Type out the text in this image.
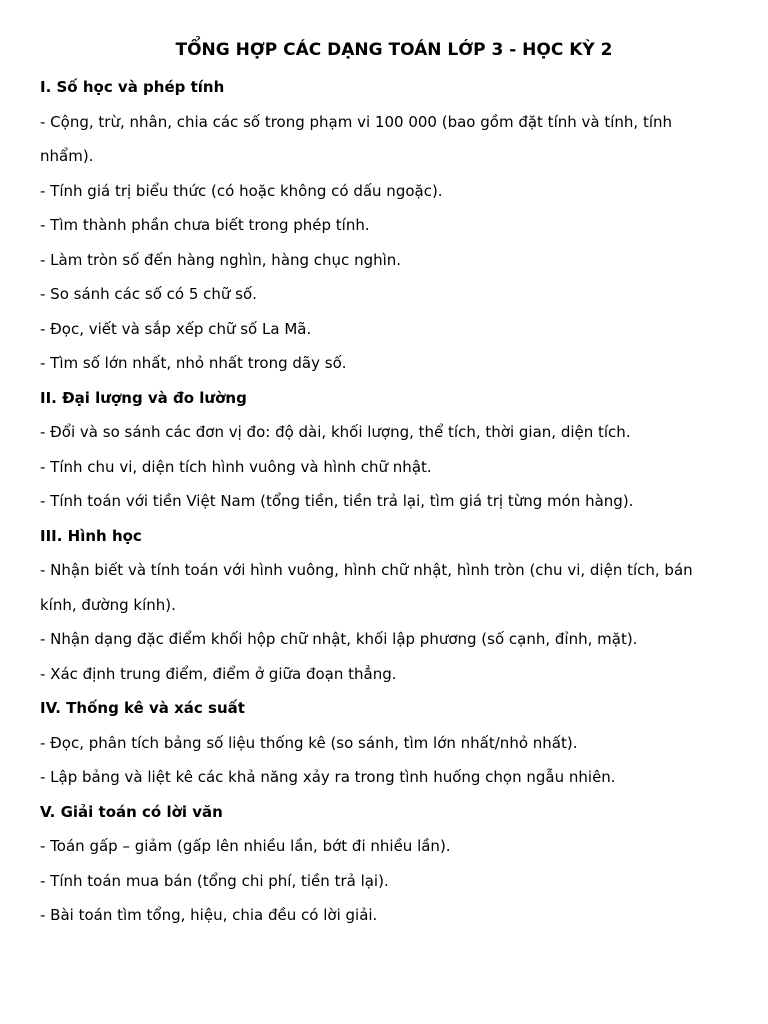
TỔNG HỢP CÁC DẠNG TOÁN LỚP 3 - HỌC KỲ 2

I. Số học và phép tính

- Cộng, trừ, nhân, chia các số trong phạm vi 100 000 (bao gồm đặt tính và tính, tính

nhẩm).

- Tính giá trị biểu thức (có hoặc không có dấu ngoặc).

- Tìm thành phần chưa biết trong phép tính.

- Làm tròn số đến hàng nghìn, hàng chục nghìn.

- So sánh các số có 5 chữ số.

- Đọc, viết và sắp xếp chữ số La Mã.

- Tìm số lớn nhất, nhỏ nhất trong dãy số.

II. Đại lượng và đo lường

- Đổi và so sánh các đơn vị đo: độ dài, khối lượng, thể tích, thời gian, diện tích.

- Tính chu vi, diện tích hình vuông và hình chữ nhật.

- Tính toán với tiền Việt Nam (tổng tiền, tiền trả lại, tìm giá trị từng món hàng).

III. Hình học

- Nhận biết và tính toán với hình vuông, hình chữ nhật, hình tròn (chu vi, diện tích, bán

kính, đường kính).

- Nhận dạng đặc điểm khối hộp chữ nhật, khối lập phương (số cạnh, đỉnh, mặt).

- Xác định trung điểm, điểm ở giữa đoạn thẳng.

IV. Thống kê và xác suất

- Đọc, phân tích bảng số liệu thống kê (so sánh, tìm lớn nhất/nhỏ nhất).

- Lập bảng và liệt kê các khả năng xảy ra trong tình huống chọn ngẫu nhiên.

V. Giải toán có lời văn

- Toán gấp – giảm (gấp lên nhiều lần, bớt đi nhiều lần).

- Tính toán mua bán (tổng chi phí, tiền trả lại).

- Bài toán tìm tổng, hiệu, chia đều có lời giải.
